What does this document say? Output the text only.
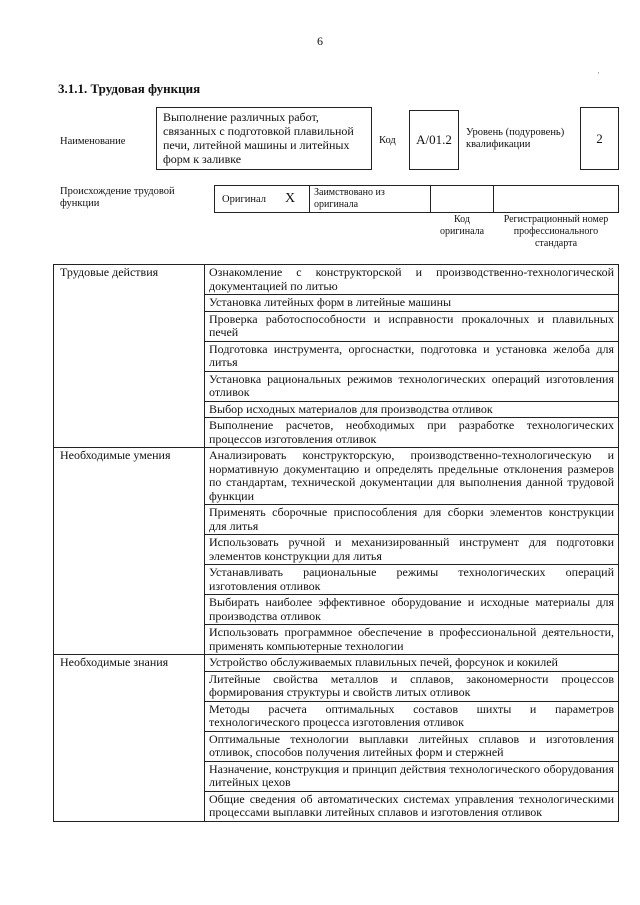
6
3.1.1. Трудовая функция
Наименование
Выполнение различных работ, связанных с подготовкой плавильной печи, литейной машины и литейных форм к заливке
Код А/01.2 Уровень (подуровень) квалификации	2
Происхождение трудовой функции	Оригинал X Заимствовано из оригинала
Код оригинала
Регистрационный номер профессионального стандарта
·
Трудовые действия	Ознакомление с конструкторской и производственно-технологической документацией по литью
	Установка литейных форм в литейные машины
	Проверка работоспособности и исправности прокалочных и плавильных печей
	Подготовка инструмента, оргоснастки, подготовка и установка желоба для литья
	Установка рациональных режимов технологических операций изготовления отливок
	Выбор исходных материалов для производства отливок
	Выполнение расчетов, необходимых при разработке технологических процессов изготовления отливок
Необходимые умения	Анализировать конструкторскую, производственно-технологическую и нормативную документацию и определять предельные отклонения размеров по стандартам, технической документации для выполнения данной трудовой функции
	Применять сборочные приспособления для сборки элементов конструкции для литья
	Использовать ручной и механизированный инструмент для подготовки элементов конструкции для литья
	Устанавливать рациональные режимы технологических операций изготовления отливок
	Выбирать наиболее эффективное оборудование и исходные материалы для производства отливок
	Использовать программное обеспечение в профессиональной деятельности, применять компьютерные технологии
Необходимые знания	Устройство обслуживаемых плавильных печей, форсунок и кокилей
	Литейные свойства металлов и сплавов, закономерности процессов формирования структуры и свойств литых отливок
	Методы расчета оптимальных составов шихты и параметров технологического процесса изготовления отливок
	Оптимальные технологии выплавки литейных сплавов и изготовления отливок, способов получения литейных форм и стержней
	Назначение, конструкция и принцип действия технологического оборудования литейных цехов
	Общие сведения об автоматических системах управления технологическими процессами выплавки литейных сплавов и изготовления отливок
